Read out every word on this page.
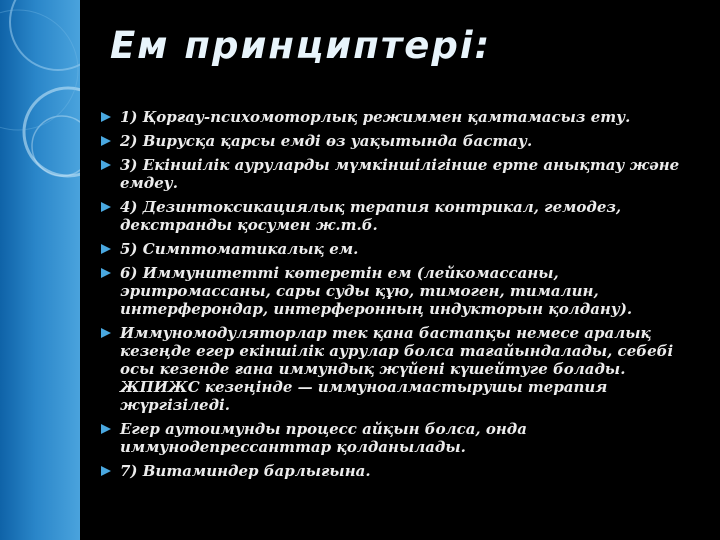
Ем принциптері:
1) Қорғау-психомоторлық режиммен қамтамасыз ету.
2) Вирусқа қарсы емді өз уақытында бастау.
3) Екіншілік ауруларды мүмкіншілігінше ерте анықтау және емдеу.
4) Дезинтоксикациялық терапия контрикал, гемодез, декстранды қосумен ж.т.б.
5) Симптоматикалық ем.
6) Иммунитетті көтеретін ем (лейкомассаны, эритромассаны, сары суды құю, тимоген, тималин, интерферондар, интерферонның индукторын қолдану).
Иммуномодуляторлар тек қана бастапқы немесе аралық кезеңде егер екіншілік аурулар болса тағайындалады, себебі осы кезенде ғана иммундық жүйені күшейтуге болады. ЖПИЖС кезеңінде — иммуноалмастырушы терапия жүргізіледі.
Егер аутоимунды процесс айқын болса, онда иммунодепрессанттар қолданылады.
7) Витаминдер барлығына.
